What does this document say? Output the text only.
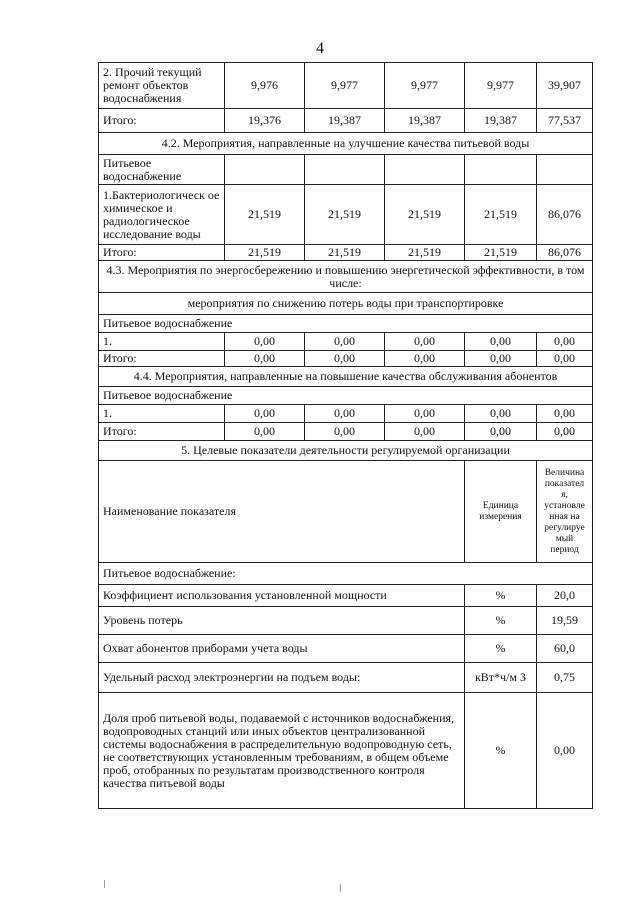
4
2. Прочий текущий ремонт объектов водоснабжения	9,976	9,977	9,977	9,977	39,907
Итого:	19,376	19,387	19,387	19,387	77,537
4.2. Мероприятия, направленные на улучшение качества питьевой воды					
Питьевое водоснабжение					
1.Бактериологическ ое химическое и радиологическое исследование воды	21,519	21,519	21,519	21,519	86,076
Итого:	21,519	21,519	21,519	21,519	86,076
4.3. Мероприятия по энергосбережению и повышению энергетической эффективности, в том числе:					
мероприятия по снижению потерь воды при транспортировке					
Питьевое водоснабжение					
1.	0,00	0,00	0,00	0,00	0,00
Итого:	0,00	0,00	0,00	0,00	0,00
4.4. Мероприятия, направленные на повышение качества обслуживания абонентов					
Питьевое водоснабжение					
1.	0,00	0,00	0,00	0,00	0,00
Итого:	0,00	0,00	0,00	0,00	0,00
5. Целевые показатели деятельности регулируемой организации					
Наименование показателя				Единица измерения	Величина показател я, установле нная на регулируе мый период
Питьевое водоснабжение:					
Коэффициент использования установленной мощности				%	20,0
Уровень потерь				%	19,59
Охват абонентов приборами учета воды				%	60,0
Удельный расход электроэнергии на подъем воды:				кВт*ч/м 3	0,75
Доля проб питьевой воды, подаваемой с источников водоснабжения, водопроводных станций или иных объектов централизованной системы водоснабжения в распределительную водопроводную сеть, не соответствующих установленным требованиям, в общем объеме проб, отобранных по результатам производственного контроля качества питьевой воды				%	0,00
